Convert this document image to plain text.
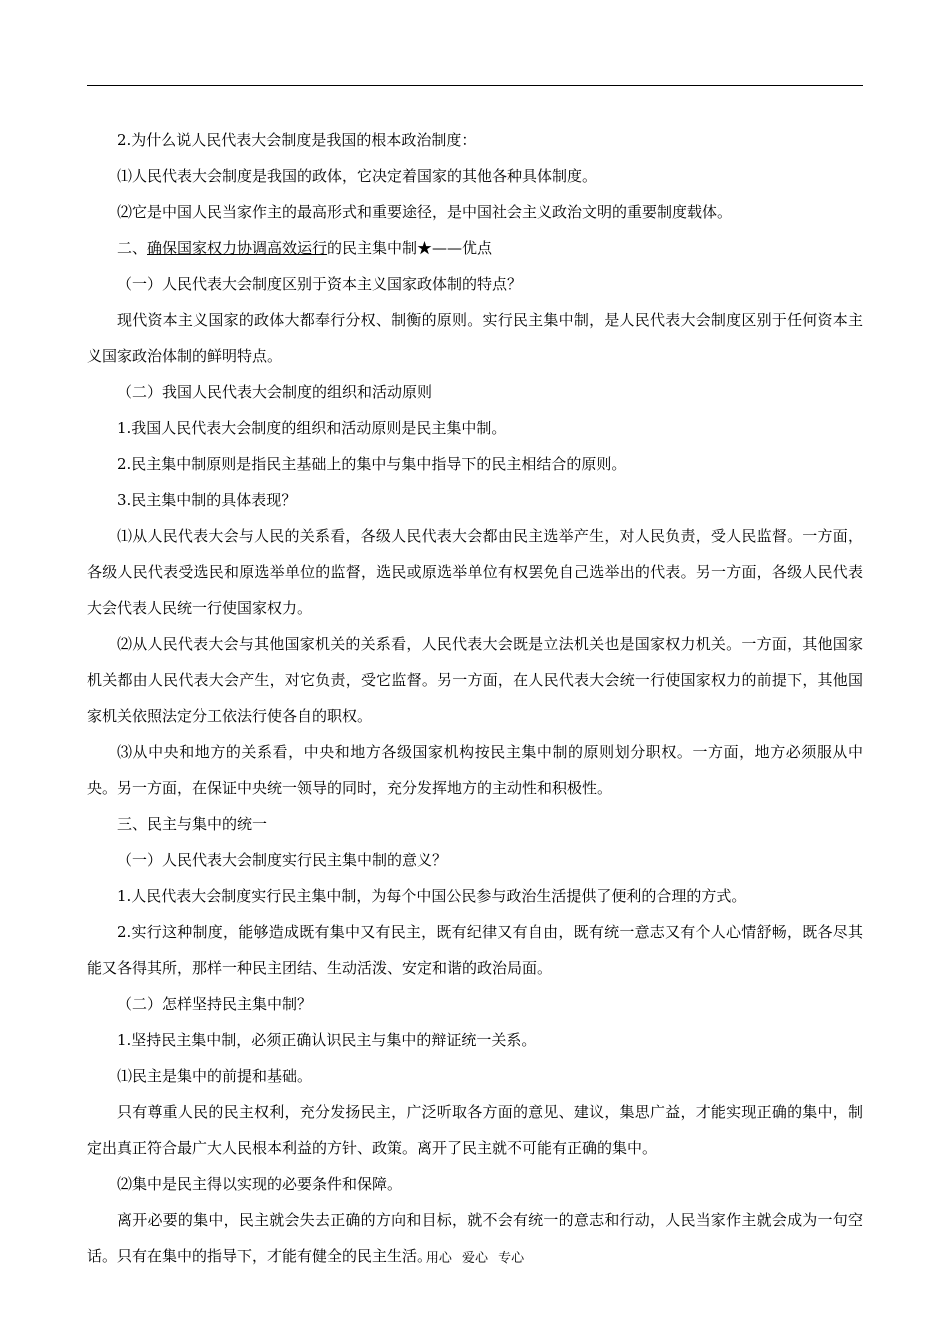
2.为什么说人民代表大会制度是我国的根本政治制度：

⑴人民代表大会制度是我国的政体，它决定着国家的其他各种具体制度。

⑵它是中国人民当家作主的最高形式和重要途径，是中国社会主义政治文明的重要制度载体。

二、确保国家权力协调高效运行的民主集中制★——优点

（一）人民代表大会制度区别于资本主义国家政体制的特点？

现代资本主义国家的政体大都奉行分权、制衡的原则。实行民主集中制，是人民代表大会制度区别于任何资本主义国家政治体制的鲜明特点。

（二）我国人民代表大会制度的组织和活动原则

1.我国人民代表大会制度的组织和活动原则是民主集中制。

2.民主集中制原则是指民主基础上的集中与集中指导下的民主相结合的原则。

3.民主集中制的具体表现？

⑴从人民代表大会与人民的关系看，各级人民代表大会都由民主选举产生，对人民负责，受人民监督。一方面，各级人民代表受选民和原选举单位的监督，选民或原选举单位有权罢免自己选举出的代表。另一方面，各级人民代表大会代表人民统一行使国家权力。

⑵从人民代表大会与其他国家机关的关系看，人民代表大会既是立法机关也是国家权力机关。一方面，其他国家机关都由人民代表大会产生，对它负责，受它监督。另一方面，在人民代表大会统一行使国家权力的前提下，其他国家机关依照法定分工依法行使各自的职权。

⑶从中央和地方的关系看，中央和地方各级国家机构按民主集中制的原则划分职权。一方面，地方必须服从中央。另一方面，在保证中央统一领导的同时，充分发挥地方的主动性和积极性。

三、民主与集中的统一

（一）人民代表大会制度实行民主集中制的意义？

1.人民代表大会制度实行民主集中制，为每个中国公民参与政治生活提供了便利的合理的方式。

2.实行这种制度，能够造成既有集中又有民主，既有纪律又有自由，既有统一意志又有个人心情舒畅，既各尽其能又各得其所，那样一种民主团结、生动活泼、安定和谐的政治局面。

（二）怎样坚持民主集中制？

1.坚持民主集中制，必须正确认识民主与集中的辩证统一关系。

⑴民主是集中的前提和基础。

只有尊重人民的民主权利，充分发扬民主，广泛听取各方面的意见、建议，集思广益，才能实现正确的集中，制定出真正符合最广大人民根本利益的方针、政策。离开了民主就不可能有正确的集中。

⑵集中是民主得以实现的必要条件和保障。

离开必要的集中，民主就会失去正确的方向和目标，就不会有统一的意志和行动，人民当家作主就会成为一句空话。只有在集中的指导下，才能有健全的民主生活。

用心 爱心 专心
